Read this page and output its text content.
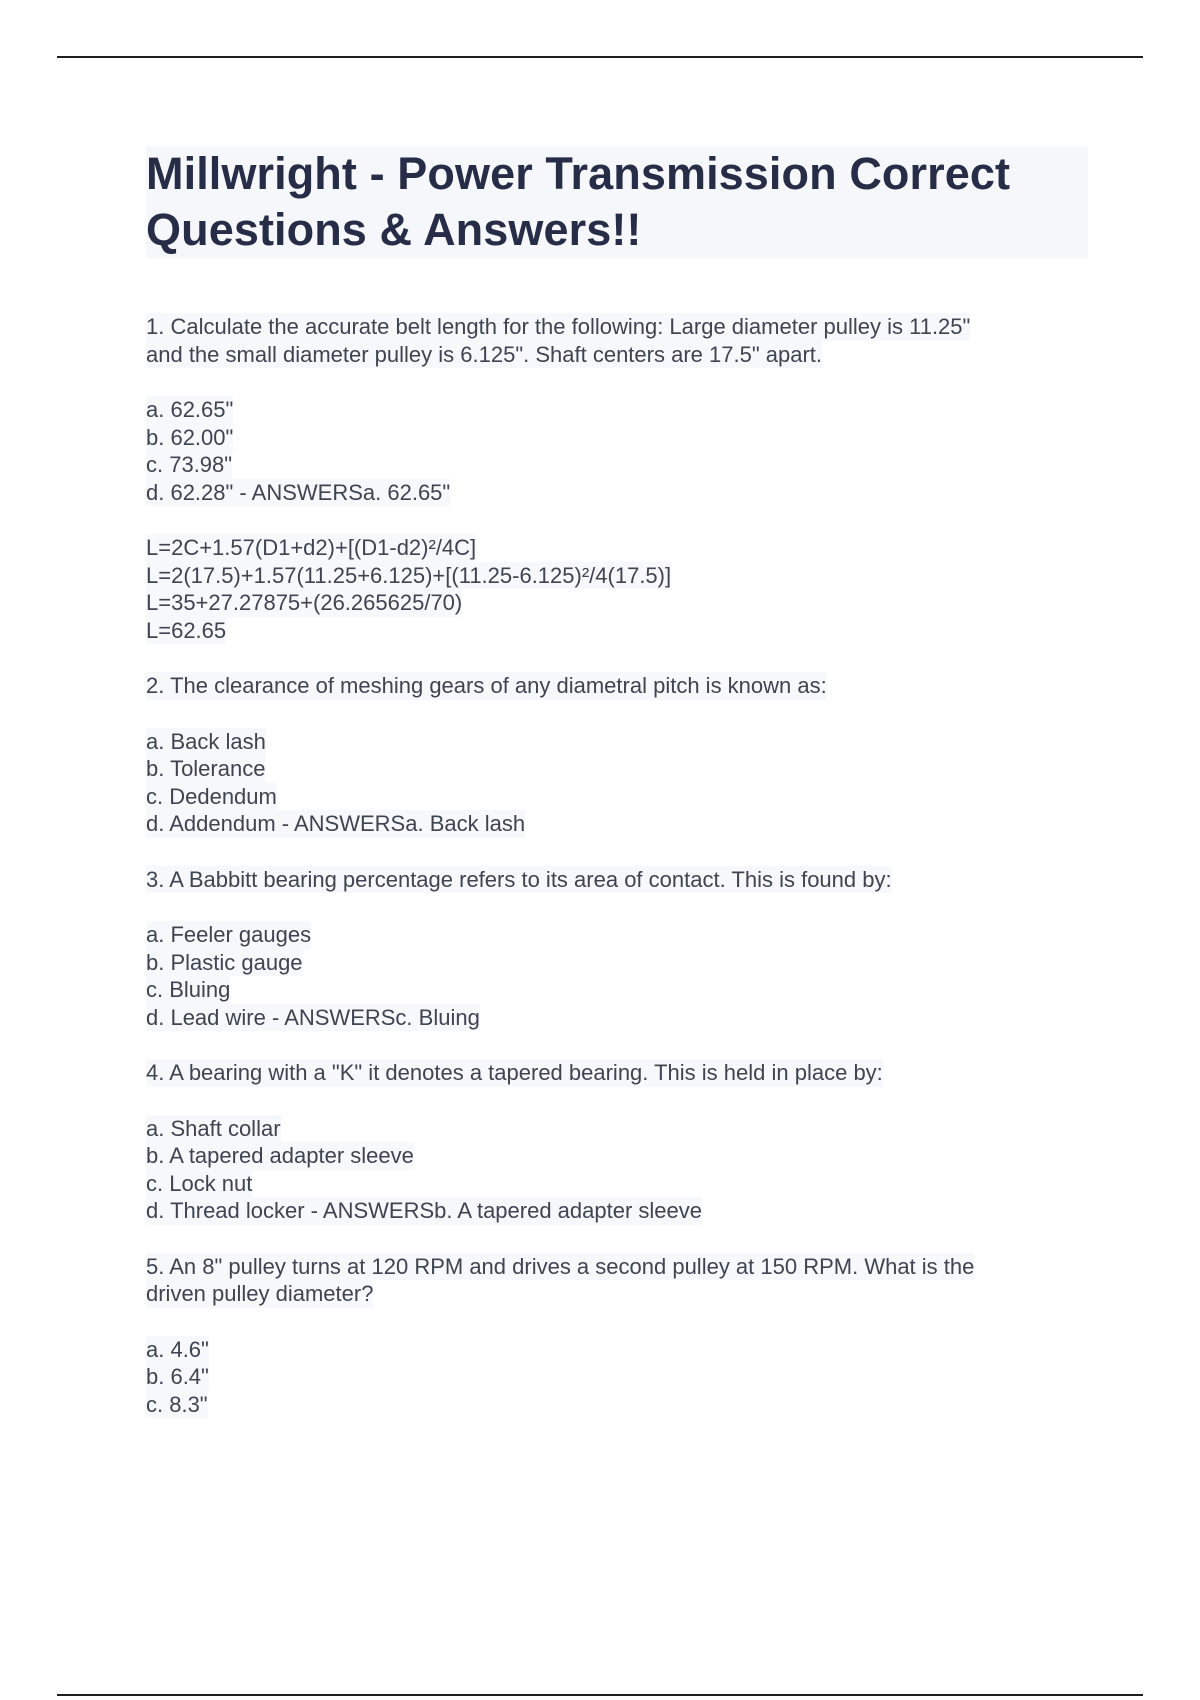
Millwright - Power Transmission Correct Questions & Answers!!
1. Calculate the accurate belt length for the following: Large diameter pulley is 11.25"
and the small diameter pulley is 6.125". Shaft centers are 17.5" apart.
a. 62.65"
b. 62.00"
c. 73.98"
d. 62.28" - ANSWERSa. 62.65"
L=2C+1.57(D1+d2)+[(D1-d2)²/4C]
L=2(17.5)+1.57(11.25+6.125)+[(11.25-6.125)²/4(17.5)]
L=35+27.27875+(26.265625/70)
L=62.65
2. The clearance of meshing gears of any diametral pitch is known as:
a. Back lash
b. Tolerance
c. Dedendum
d. Addendum - ANSWERSa. Back lash
3. A Babbitt bearing percentage refers to its area of contact. This is found by:
a. Feeler gauges
b. Plastic gauge
c. Bluing
d. Lead wire - ANSWERSc. Bluing
4. A bearing with a "K" it denotes a tapered bearing. This is held in place by:
a. Shaft collar
b. A tapered adapter sleeve
c. Lock nut
d. Thread locker - ANSWERSb. A tapered adapter sleeve
5. An 8" pulley turns at 120 RPM and drives a second pulley at 150 RPM. What is the
driven pulley diameter?
a. 4.6"
b. 6.4"
c. 8.3"
